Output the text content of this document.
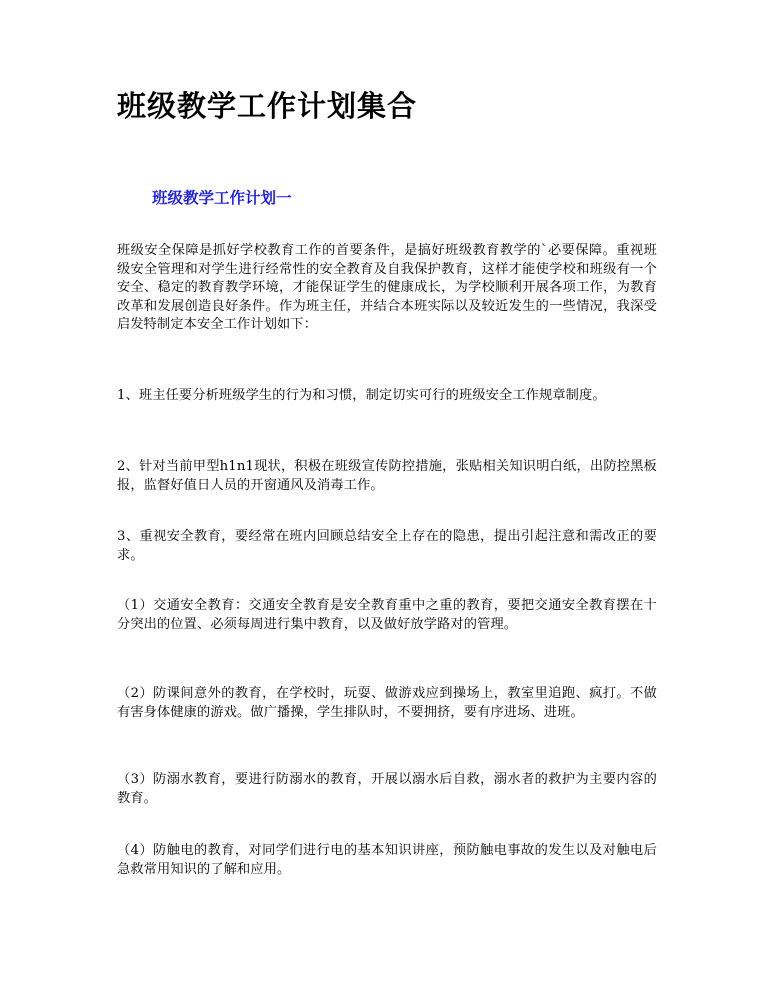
班级教学工作计划集合
班级教学工作计划一

班级安全保障是抓好学校教育工作的首要条件，是搞好班级教育教学的`必要保障。重视班级安全管理和对学生进行经常性的安全教育及自我保护教育，这样才能使学校和班级有一个安全、稳定的教育教学环境，才能保证学生的健康成长，为学校顺利开展各项工作，为教育改革和发展创造良好条件。作为班主任，并结合本班实际以及较近发生的一些情况，我深受启发特制定本安全工作计划如下：

1、班主任要分析班级学生的行为和习惯，制定切实可行的班级安全工作规章制度。

2、针对当前甲型h1n1现状，积极在班级宣传防控措施，张贴相关知识明白纸，出防控黑板报，监督好值日人员的开窗通风及消毒工作。

3、重视安全教育，要经常在班内回顾总结安全上存在的隐患，提出引起注意和需改正的要求。

（1）交通安全教育：交通安全教育是安全教育重中之重的教育，要把交通安全教育摆在十分突出的位置、必须每周进行集中教育，以及做好放学路对的管理。

（2）防课间意外的教育，在学校时，玩耍、做游戏应到操场上，教室里追跑、疯打。不做有害身体健康的游戏。做广播操，学生排队时，不要拥挤，要有序进场、进班。

（3）防溺水教育，要进行防溺水的教育，开展以溺水后自救，溺水者的救护为主要内容的教育。

（4）防触电的教育，对同学们进行电的基本知识讲座，预防触电事故的发生以及对触电后急救常用知识的了解和应用。
